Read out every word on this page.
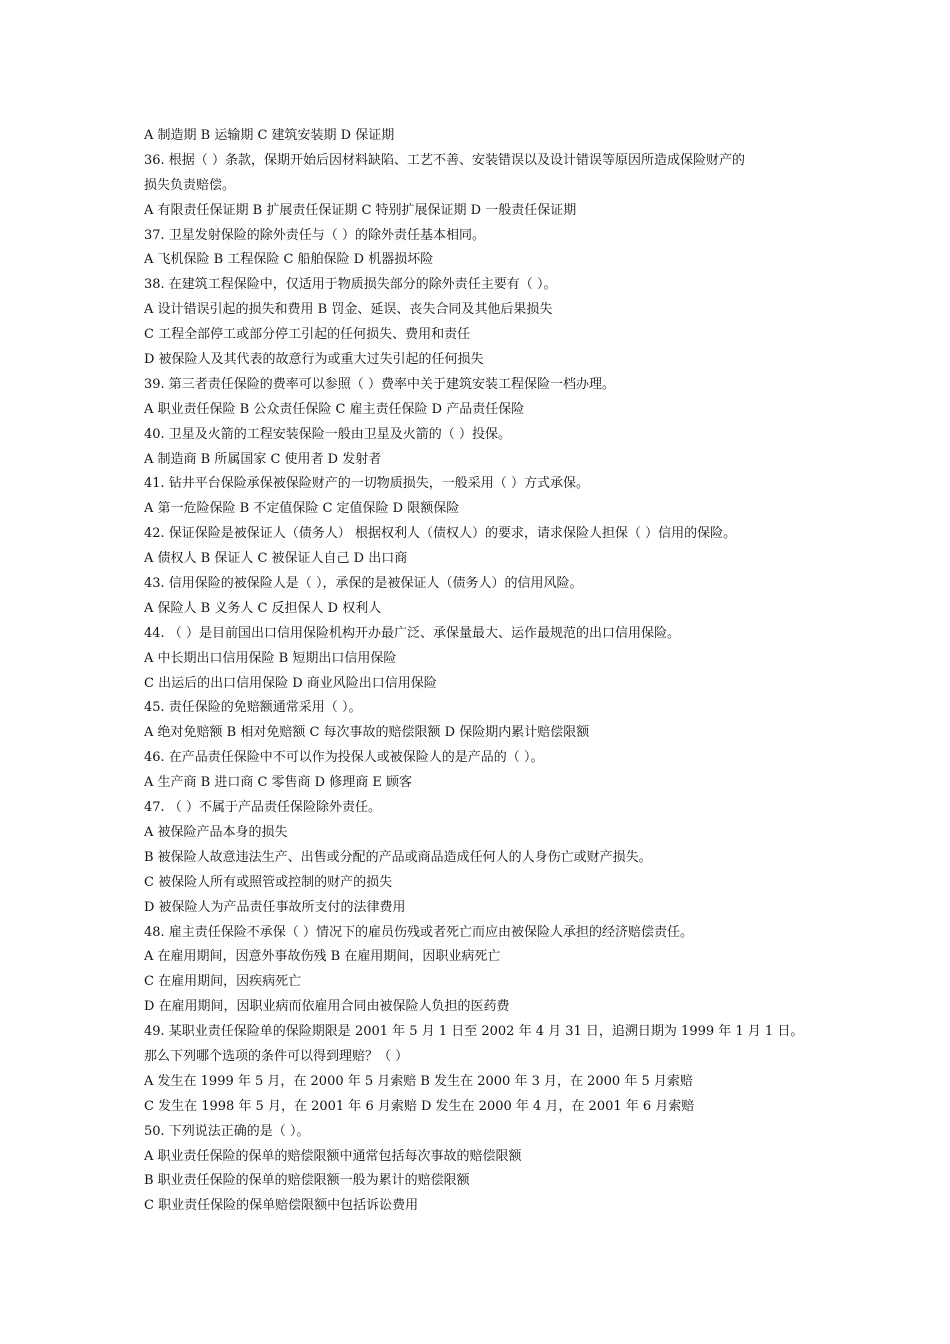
A 制造期 B 运输期 C 建筑安装期 D 保证期
36. 根据（ ）条款，保期开始后因材料缺陷、工艺不善、安装错误以及设计错误等原因所造成保险财产的
损失负责赔偿。
A 有限责任保证期 B 扩展责任保证期 C 特别扩展保证期 D 一般责任保证期
37. 卫星发射保险的除外责任与（ ）的除外责任基本相同。
A 飞机保险 B 工程保险 C 船舶保险 D 机器损坏险
38. 在建筑工程保险中，仅适用于物质损失部分的除外责任主要有（ ）。
A 设计错误引起的损失和费用 B 罚金、延误、丧失合同及其他后果损失
C 工程全部停工或部分停工引起的任何损失、费用和责任
D 被保险人及其代表的故意行为或重大过失引起的任何损失
39. 第三者责任保险的费率可以参照（ ）费率中关于建筑安装工程保险一档办理。
A 职业责任保险 B 公众责任保险 C 雇主责任保险 D 产品责任保险
40. 卫星及火箭的工程安装保险一般由卫星及火箭的（ ）投保。
A 制造商 B 所属国家 C 使用者 D 发射者
41. 钻井平台保险承保被保险财产的一切物质损失，一般采用（ ）方式承保。
A 第一危险保险 B 不定值保险 C 定值保险 D 限额保险
42. 保证保险是被保证人（债务人） 根据权利人（债权人）的要求，请求保险人担保（ ）信用的保险。
A 债权人 B 保证人 C 被保证人自己 D 出口商
43. 信用保险的被保险人是（ ），承保的是被保证人（债务人）的信用风险。
A 保险人 B 义务人 C 反担保人 D 权利人
44. （ ）是目前国出口信用保险机构开办最广泛、承保量最大、运作最规范的出口信用保险。
A 中长期出口信用保险 B 短期出口信用保险
C 出运后的出口信用保险 D 商业风险出口信用保险
45. 责任保险的免赔额通常采用（ ）。
A 绝对免赔额 B 相对免赔额 C 每次事故的赔偿限额 D 保险期内累计赔偿限额
46. 在产品责任保险中不可以作为投保人或被保险人的是产品的（ ）。
A 生产商 B 进口商 C 零售商 D 修理商 E 顾客
47. （ ）不属于产品责任保险除外责任。
A 被保险产品本身的损失
B 被保险人故意违法生产、出售或分配的产品或商品造成任何人的人身伤亡或财产损失。
C 被保险人所有或照管或控制的财产的损失
D 被保险人为产品责任事故所支付的法律费用
48. 雇主责任保险不承保（ ）情况下的雇员伤残或者死亡而应由被保险人承担的经济赔偿责任。
A 在雇用期间，因意外事故伤残 B 在雇用期间，因职业病死亡
C 在雇用期间，因疾病死亡
D 在雇用期间，因职业病而依雇用合同由被保险人负担的医药费
49. 某职业责任保险单的保险期限是 2001 年 5 月 1 日至 2002 年 4 月 31 日，追溯日期为 1999 年 1 月 1 日。
那么下列哪个选项的条件可以得到理赔？（ ）
A 发生在 1999 年 5 月，在 2000 年 5 月索赔 B 发生在 2000 年 3 月，在 2000 年 5 月索赔
C 发生在 1998 年 5 月，在 2001 年 6 月索赔 D 发生在 2000 年 4 月，在 2001 年 6 月索赔
50. 下列说法正确的是（ ）。
A 职业责任保险的保单的赔偿限额中通常包括每次事故的赔偿限额
B 职业责任保险的保单的赔偿限额一般为累计的赔偿限额
C 职业责任保险的保单赔偿限额中包括诉讼费用
